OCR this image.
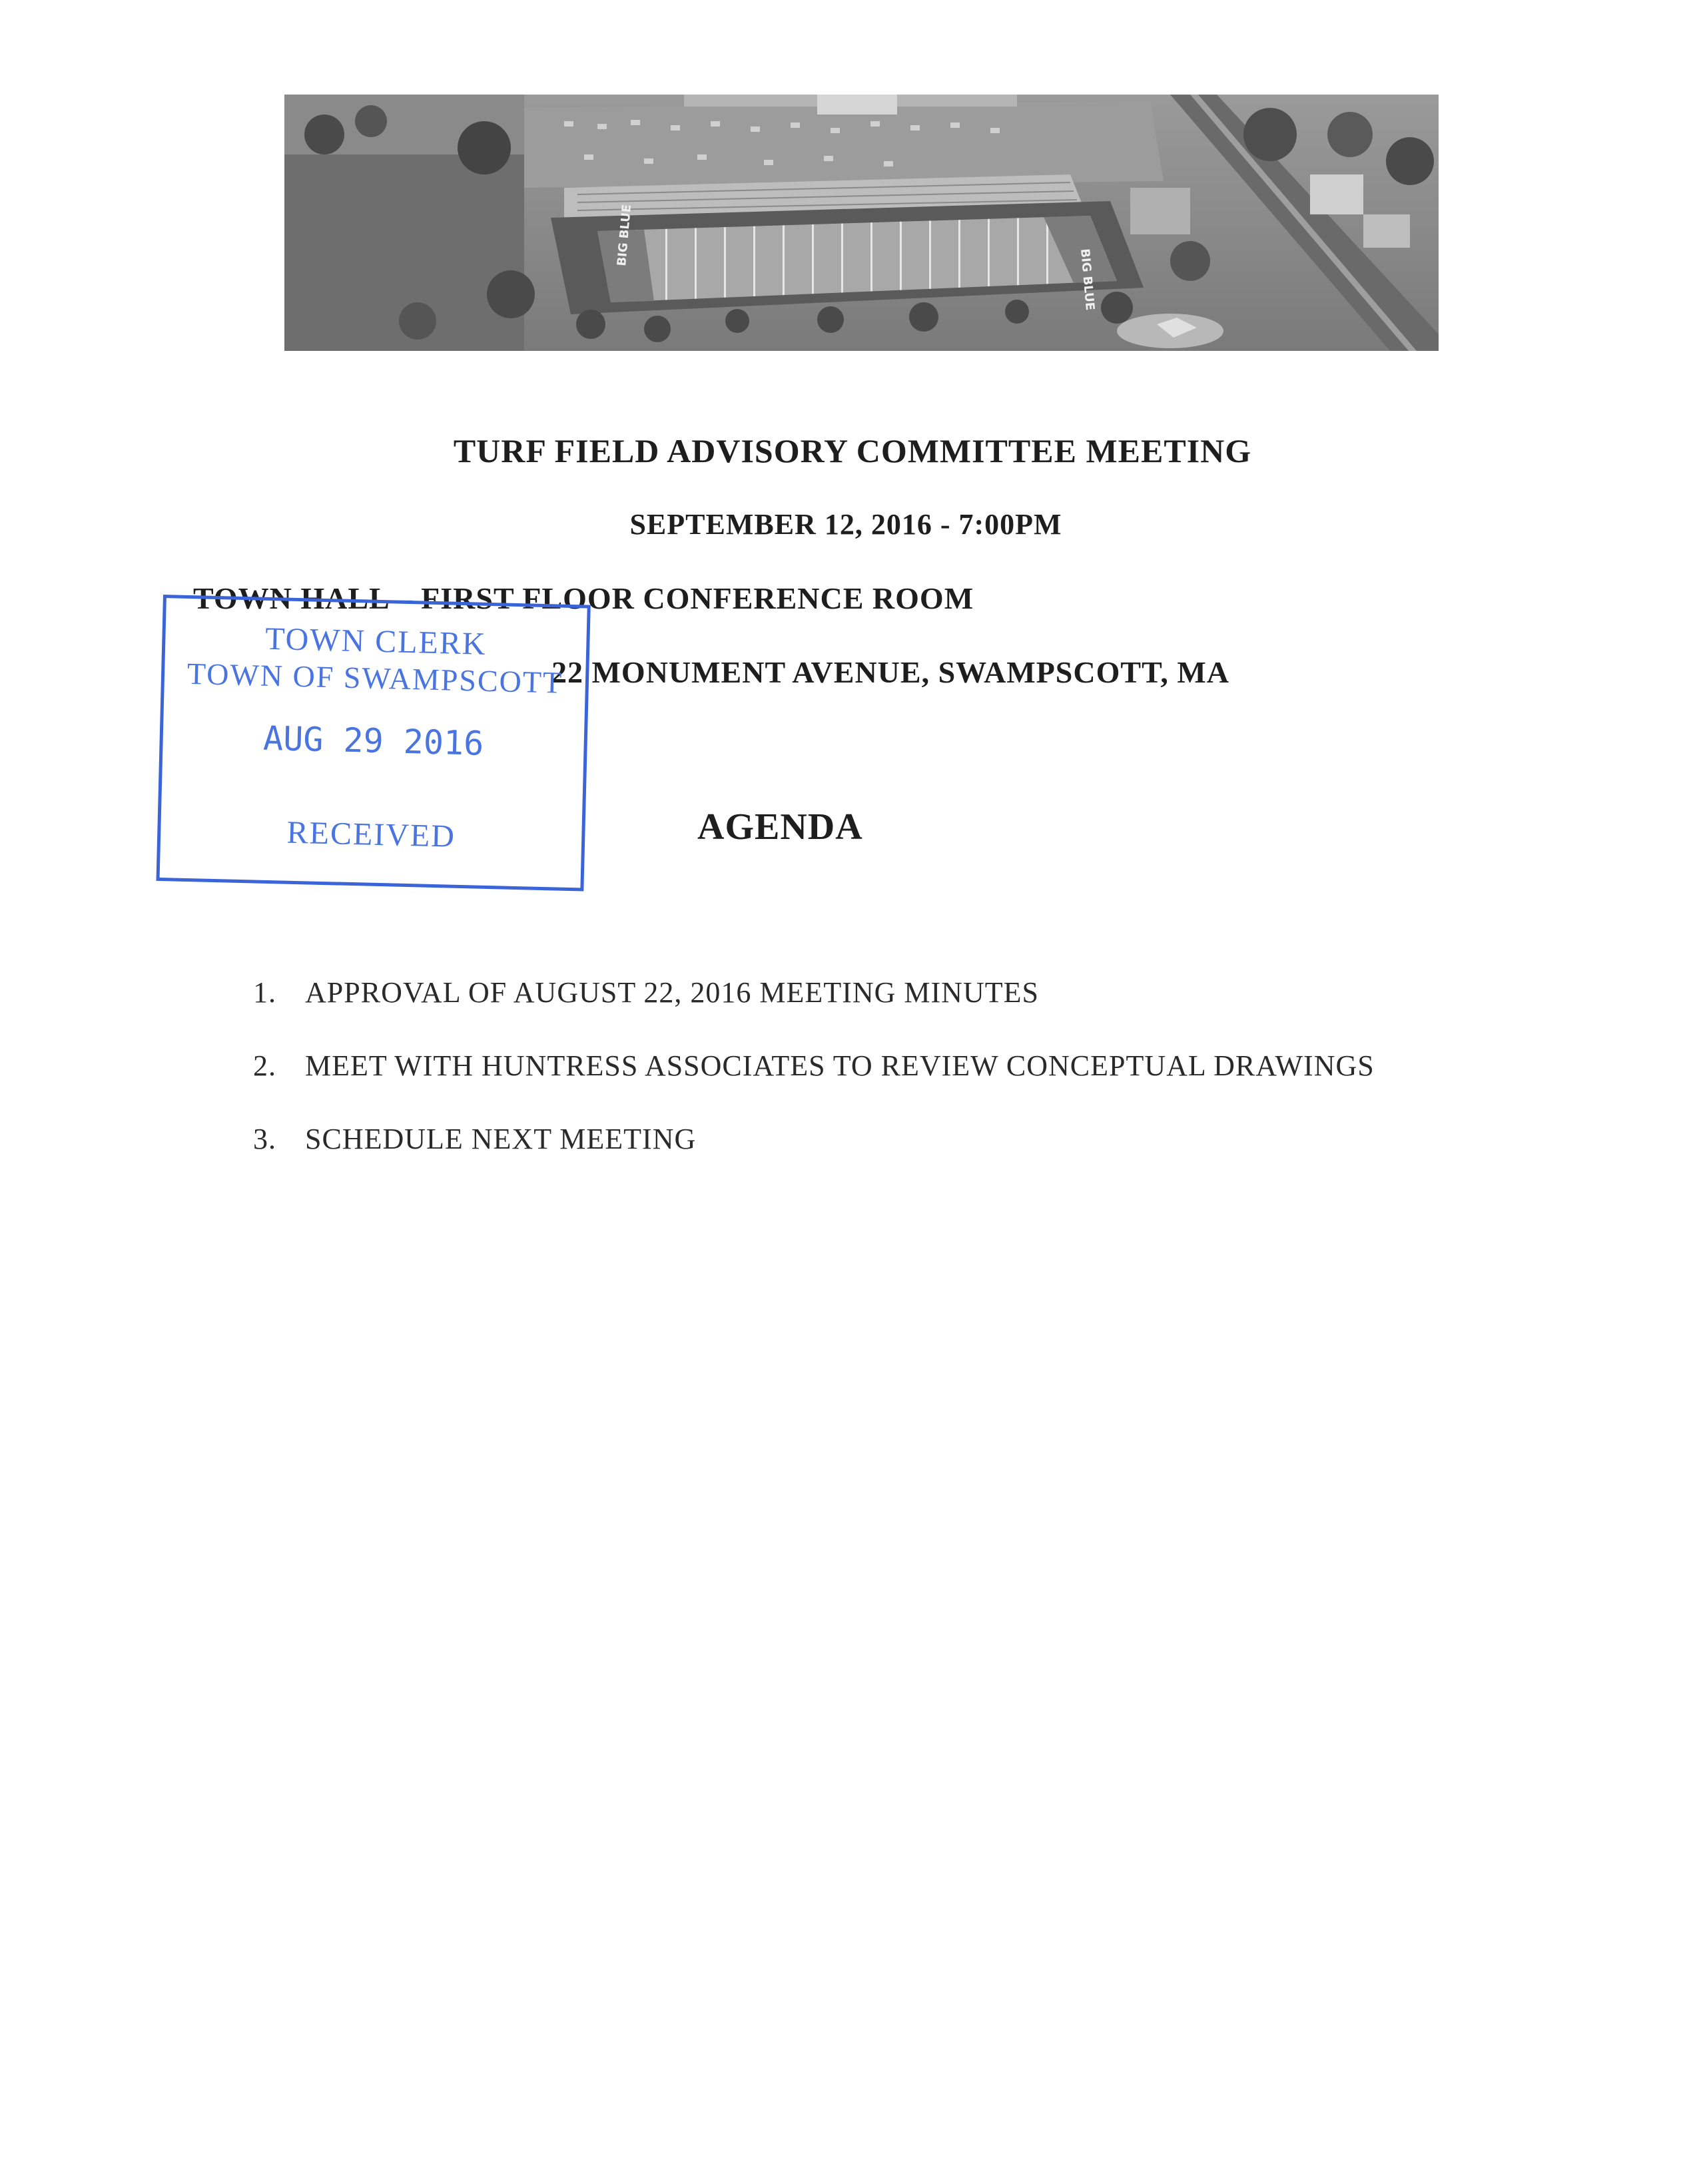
BIG BLUE
BIG BLUE
TURF FIELD ADVISORY COMMITTEE MEETING
SEPTEMBER 12, 2016 - 7:00PM
TOWN HALL – FIRST FLOOR CONFERENCE ROOM
22 MONUMENT AVENUE, SWAMPSCOTT, MA
AGENDA
TOWN CLERK
TOWN OF SWAMPSCOTT
AUG 29 2016
RECEIVED
1. APPROVAL OF AUGUST 22, 2016 MEETING MINUTES
2. MEET WITH HUNTRESS ASSOCIATES TO REVIEW CONCEPTUAL DRAWINGS
3. SCHEDULE NEXT MEETING
